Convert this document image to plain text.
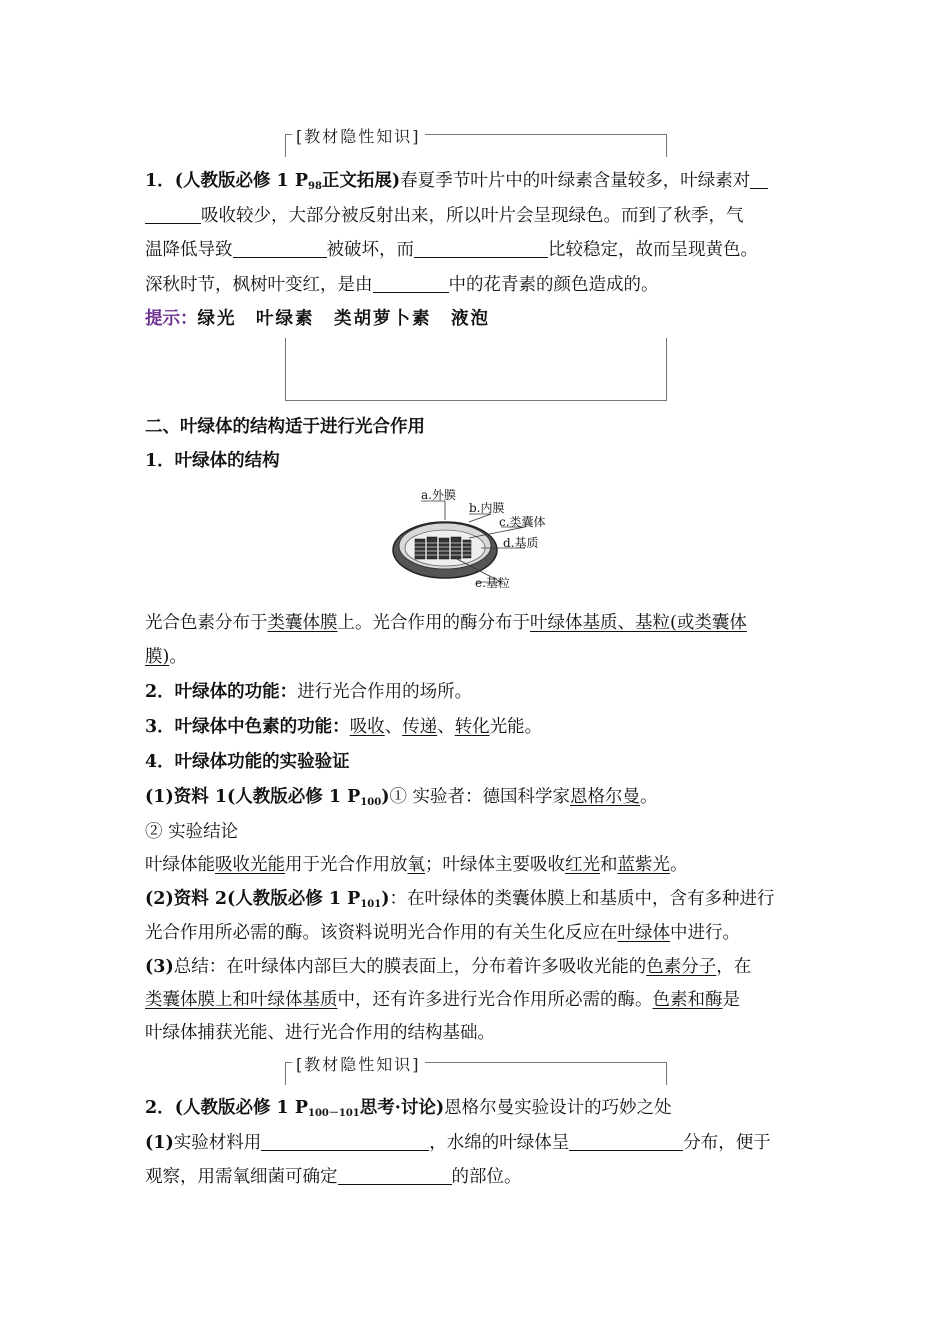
[教材隐性知识]
1．(人教版必修 1 $P_{98}$正文拓展)春夏季节叶片中的叶绿素含量较多，叶绿素对
吸收较少，大部分被反射出来，所以叶片会呈现绿色。而到了秋季，气
温降低导致	被破坏，而	比较稳定，故而呈现黄色。
深秋时节，枫树叶变红，是由	中的花青素的颜色造成的。
提示：绿光　叶绿素　类胡萝卜素　液泡
二、叶绿体的结构适于进行光合作用
1．叶绿体的结构
a.外膜
b.内膜
c.类囊体
d.基质
e.基粒
光合色素分布于类囊体膜上。光合作用的酶分布于叶绿体基质、基粒(或类囊体
膜)。
2．叶绿体的功能：进行光合作用的场所。
3．叶绿体中色素的功能：吸收、传递、转化光能。
4．叶绿体功能的实验验证
(1)资料 1(人教版必修 1 $P_{100})①$ 实验者：德国科学家恩格尔曼。
② 实验结论
叶绿体能吸收光能用于光合作用放氧；叶绿体主要吸收红光和蓝紫光。
(2)资料 2(人教版必修 1 $P_{101}$)：在叶绿体的类囊体膜上和基质中，含有多种进行
光合作用所必需的酶。该资料说明光合作用的有关生化反应在叶绿体中进行。
(3)总结：在叶绿体内部巨大的膜表面上，分布着许多吸收光能的色素分子，在
类囊体膜上和叶绿体基质中，还有许多进行光合作用所必需的酶。色素和酶是
叶绿体捕获光能、进行光合作用的结构基础。
[教材隐性知识]
2．(人教版必修 1 $P_{100-101}$思考·讨论)恩格尔曼实验设计的巧妙之处
(1)实验材料用	，水绵的叶绿体呈	分布，便于
观察，用需氧细菌可确定	的部位。
